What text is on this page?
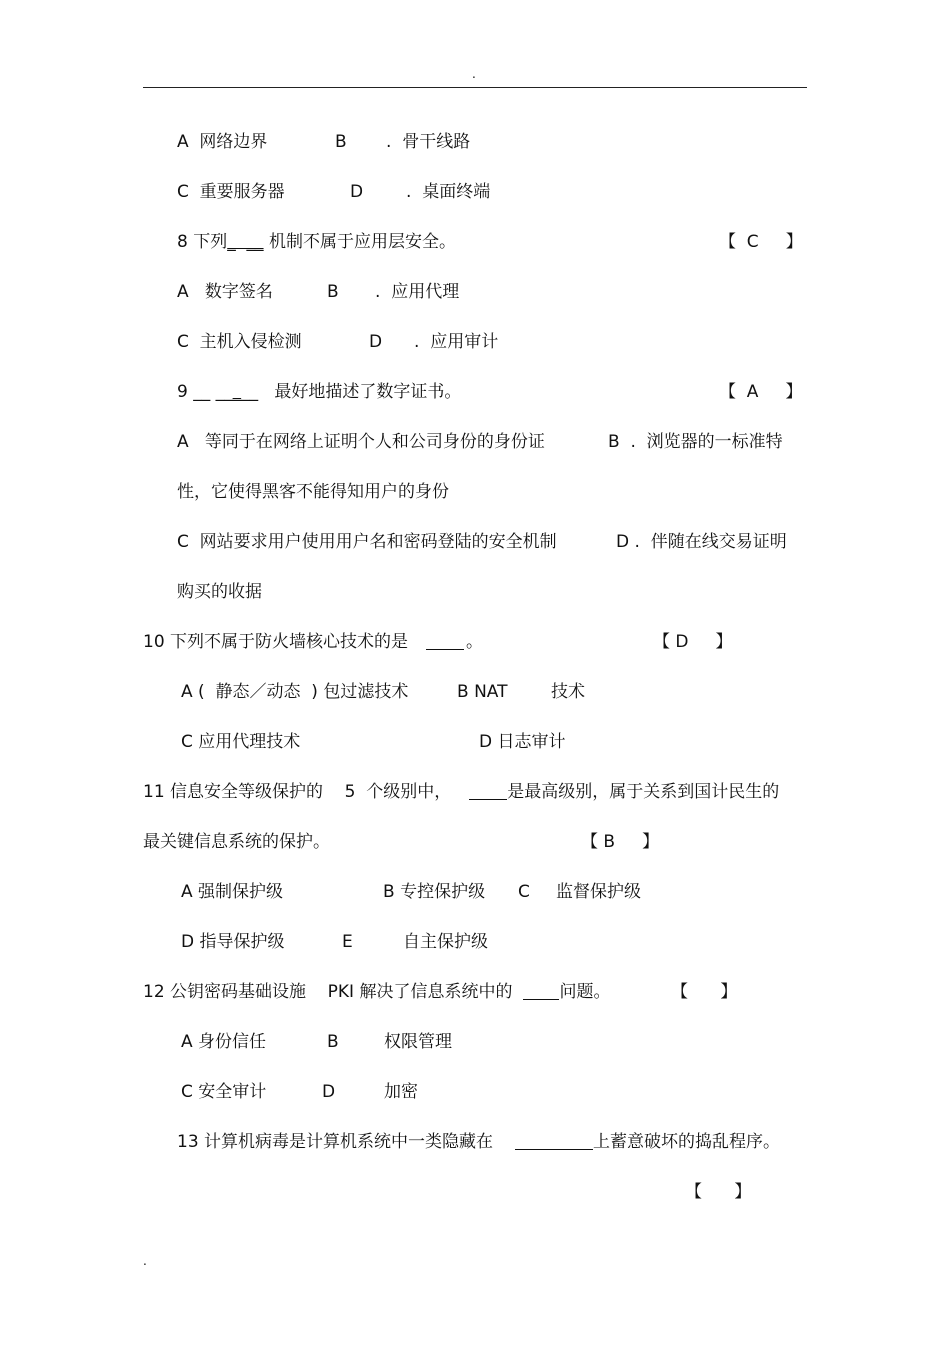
.
A  网络边界	B .  骨干线路
C  重要服务器	D	.  桌面终端
8 下列_  __ 机制不属于应用层安全。	【  C     】
A   数字签名	B .  应用代理
C  主机入侵检测	D .  应用审计
9 __ _____   最好地描述了数字证书。	【  A     】
A   等同于在网络上证明个人和公司身份的身份证	B  .  浏览器的一标准特
性，它使得黑客不能得知用户的身份
C  网站要求用户使用用户名和密码登陆的安全机制	D .  伴随在线交易证明
购买的收据
10 下列不属于防火墙核心技术的是	。	【 D     】
A (  静态／动态  ) 包过滤技术	B NAT	技术
C 应用代理技术	D 日志审计
11 信息安全等级保护的    5  个级别中，	是最高级别，属于关系到国计民生的
最关键信息系统的保护。	【 B     】
A 强制保护级	B 专控保护级 C 监督保护级
D 指导保护级	E	自主保护级
12 公钥密码基础设施    PKI 解决了信息系统中的	问题。	【      】
A 身份信任	B	权限管理
C 安全审计	D	加密
13 计算机病毒是计算机系统中一类隐藏在	上蓄意破坏的捣乱程序。
【      】
.
